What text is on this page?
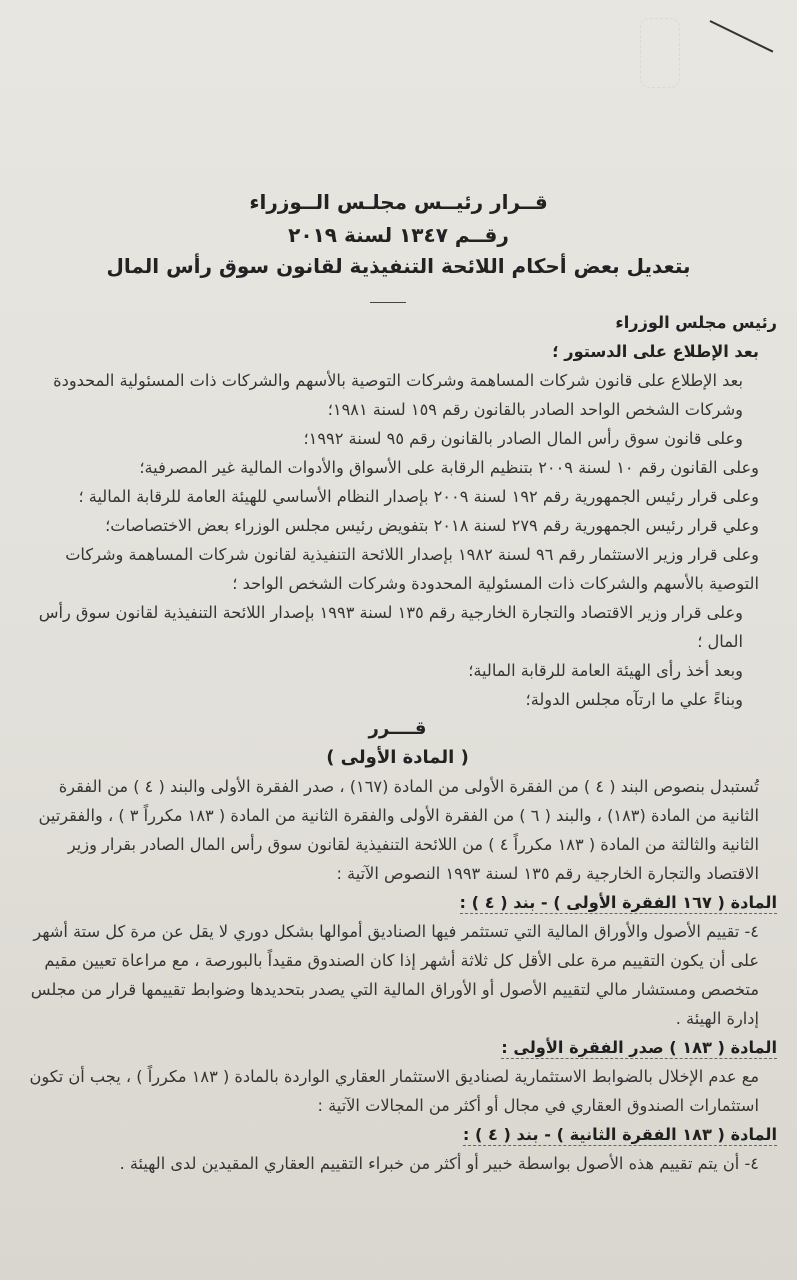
قــرار رئيــس مجلـس الــوزراء
رقــم ١٣٤٧ لسنة ٢٠١٩
بتعديل بعض أحكام اللائحة التنفيذية لقانون سوق رأس المال

رئيس مجلس الوزراء

بعد الإطلاع على الدستور ؛

بعد الإطلاع على قانون شركات المساهمة وشركات التوصية بالأسهم والشركات ذات المسئولية المحدودة وشركات الشخص الواحد الصادر بالقانون رقم ١٥٩ لسنة ١٩٨١؛

وعلى قانون سوق رأس المال الصادر بالقانون رقم ٩٥ لسنة ١٩٩٢؛

وعلى القانون رقم ١٠ لسنة ٢٠٠٩ بتنظيم الرقابة على الأسواق والأدوات المالية غير المصرفية؛

وعلى قرار رئيس الجمهورية رقم ١٩٢ لسنة ٢٠٠٩ بإصدار النظام الأساسي للهيئة العامة للرقابة المالية ؛

وعلي قرار رئيس الجمهورية رقم ٢٧٩ لسنة ٢٠١٨ بتفويض رئيس مجلس الوزراء بعض الاختصاصات؛

وعلى قرار وزير الاستثمار رقم ٩٦ لسنة ١٩٨٢ بإصدار اللائحة التنفيذية لقانون شركات المساهمة وشركات التوصية بالأسهم والشركات ذات المسئولية المحدودة وشركات الشخص الواحد ؛

وعلى قرار وزير الاقتصاد والتجارة الخارجية رقم ١٣٥ لسنة ١٩٩٣ بإصدار اللائحة التنفيذية لقانون سوق رأس المال ؛

وبعد أخذ رأى الهيئة العامة للرقابة المالية؛

وبناءً علي ما ارتآه مجلس الدولة؛

قــــرر

( المادة الأولى )

تُستبدل بنصوص البند ( ٤ ) من الفقرة الأولى من المادة (١٦٧) ، صدر الفقرة الأولى والبند ( ٤ ) من الفقرة الثانية من المادة (١٨٣) ، والبند ( ٦ ) من الفقرة الأولى والفقرة الثانية من المادة ( ١٨٣ مكرراً ٣ ) ، والفقرتين الثانية والثالثة من المادة ( ١٨٣ مكرراً ٤ ) من اللائحة التنفيذية لقانون سوق رأس المال الصادر بقرار وزير الاقتصاد والتجارة الخارجية رقم ١٣٥ لسنة ١٩٩٣ النصوص الآتية :

المادة ( ١٦٧ الفقرة الأولى ) - بند ( ٤ ) :

٤- تقييم الأصول والأوراق المالية التي تستثمر فيها الصناديق أموالها بشكل دوري لا يقل عن مرة كل ستة أشهر على أن يكون التقييم مرة على الأقل كل ثلاثة أشهر إذا كان الصندوق مقيداً بالبورصة ، مع مراعاة تعيين مقيم متخصص ومستشار مالي لتقييم الأصول أو الأوراق المالية التي يصدر بتحديدها وضوابط تقييمها قرار من مجلس إدارة الهيئة .

المادة ( ١٨٣ ) صدر الفقرة الأولى :

مع عدم الإخلال بالضوابط الاستثمارية لصناديق الاستثمار العقاري الواردة بالمادة ( ١٨٣ مكرراً ) ، يجب أن تكون استثمارات الصندوق العقاري في مجال أو أكثر من المجالات الآتية :

المادة ( ١٨٣ الفقرة الثانية ) - بند ( ٤ ) :

٤- أن يتم تقييم هذه الأصول بواسطة خبير أو أكثر من خبراء التقييم العقاري المقيدين لدى الهيئة .
